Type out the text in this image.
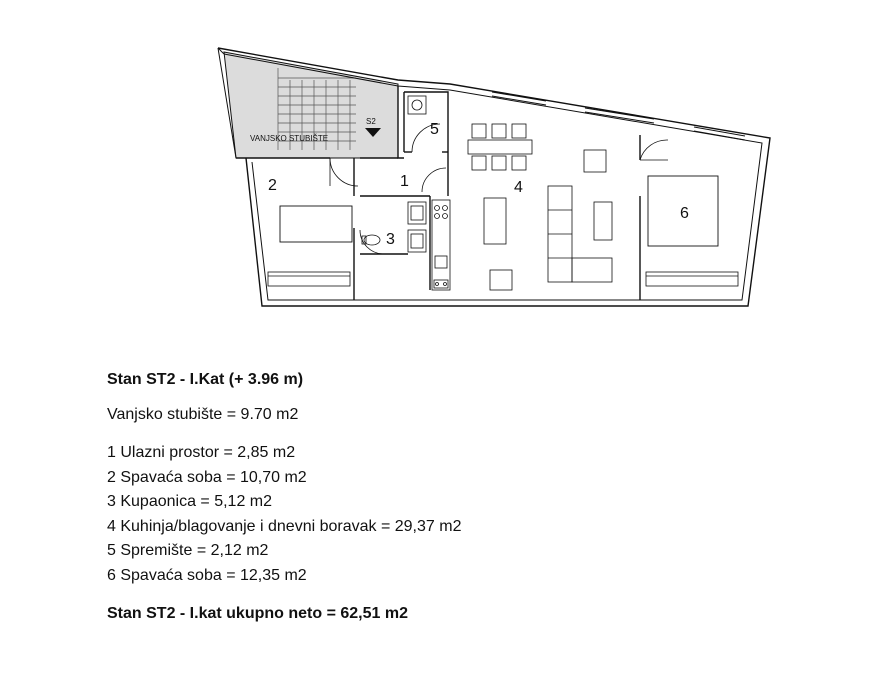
S2
VANJSKO STUBIŠTE
2	1
3
5
4
6
Stan ST2 - I.Kat (+ 3.96 m)
Vanjsko stubište = 9.70 m2
1 Ulazni prostor = 2,85 m2
2 Spavaća soba = 10,70 m2
3 Kupaonica = 5,12 m2
4 Kuhinja/blagovanje i dnevni boravak = 29,37 m2
5 Spremište = 2,12 m2
6 Spavaća soba = 12,35 m2
Stan ST2 - I.kat ukupno neto = 62,51 m2
